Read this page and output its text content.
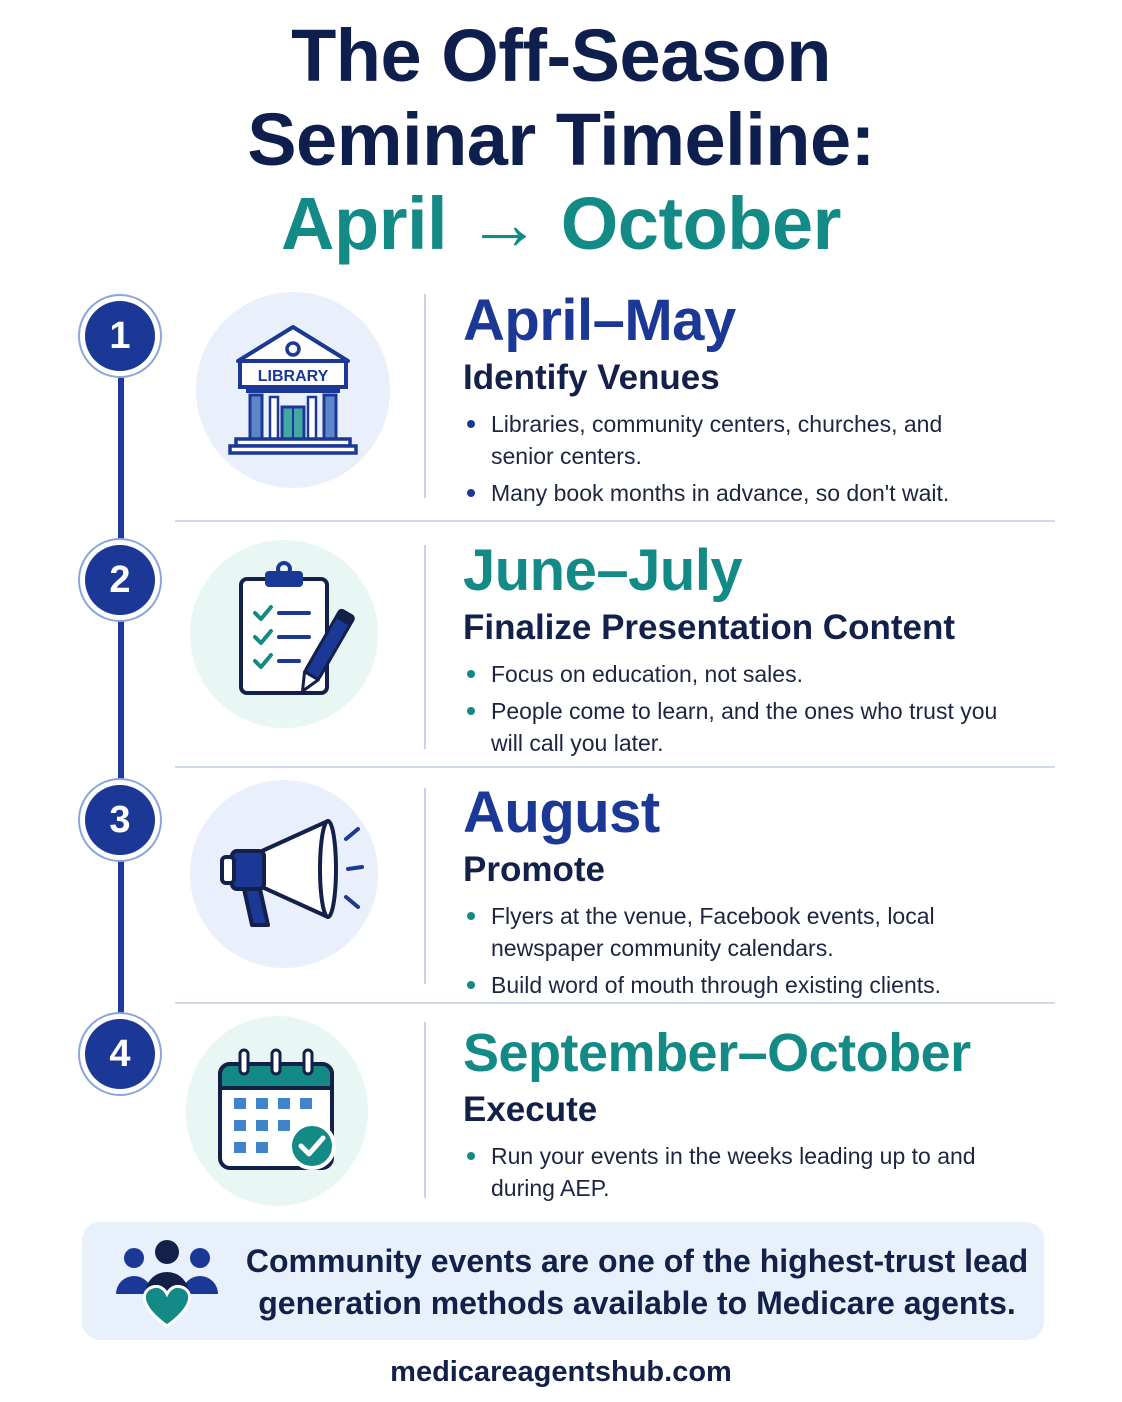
The Off-Season
Seminar Timeline:
April → October
1
2
3
4
LIBRARY
April–May
Identify Venues
Libraries, community centers, churches, and senior centers.
Many book months in advance, so don't wait.
June–July
Finalize Presentation Content
Focus on education, not sales.
People come to learn, and the ones who trust you will call you later.
August
Promote
Flyers at the venue, Facebook events, local newspaper community calendars.
Build word of mouth through existing clients.
September–October
Execute
Run your events in the weeks leading up to and during AEP.
Community events are one of the highest-trust lead generation methods available to Medicare agents.
medicareagentshub.com
